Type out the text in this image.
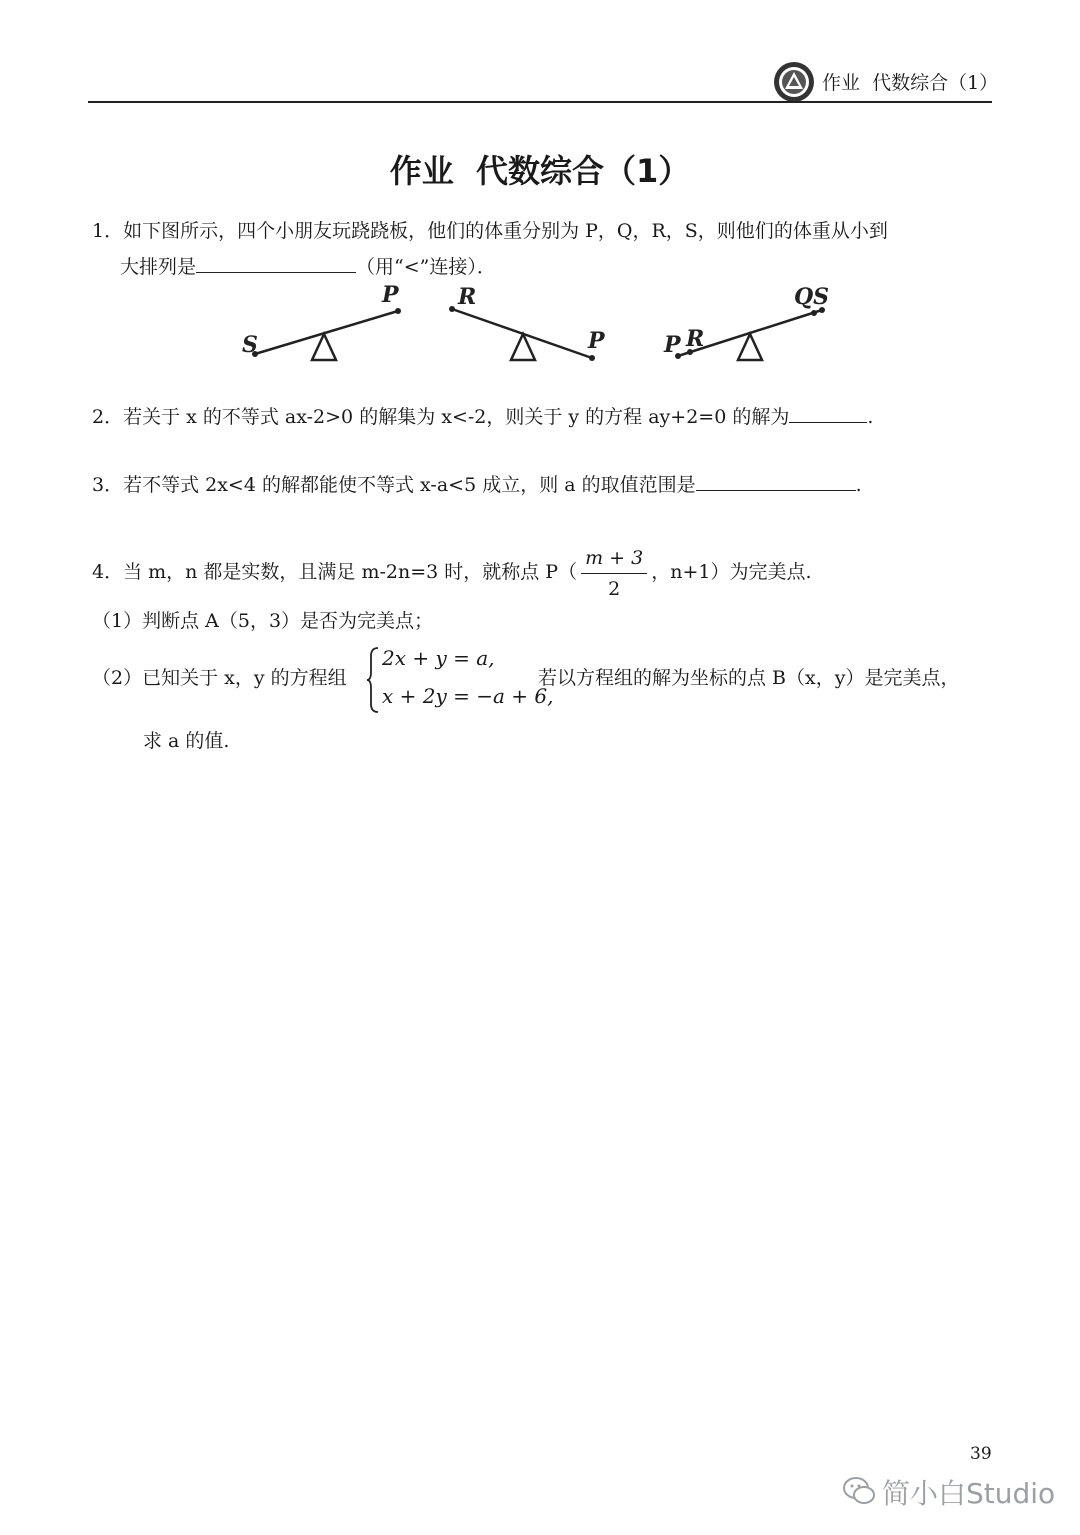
作业  代数综合（1）
作业  代数综合（1）
1．如下图所示，四个小朋友玩跷跷板，他们的体重分别为 P，Q，R，S，则他们的体重从小到
大排列是	（用“<”连接）．
S
P	R
P	P R
QS
2．若关于 x 的不等式 ax-2>0 的解集为 x<-2，则关于 y 的方程 ay+2=0 的解为	.
3．若不等式 2x<4 的解都能使不等式 x-a<5 成立，则 a 的取值范围是	.
4．当 m，n 都是实数，且满足 m-2n=3 时，就称点 $P( \frac{m + 3}{2}$ ，n+1）为完美点.
（1）判断点 A（5，3）是否为完美点；
（2）已知关于 x，y 的方程组
2x + y = a,
x + 2y = −a + 6,
若以方程组的解为坐标的点 B（x，y）是完美点，
求 a 的值.
39
简小白Studio
